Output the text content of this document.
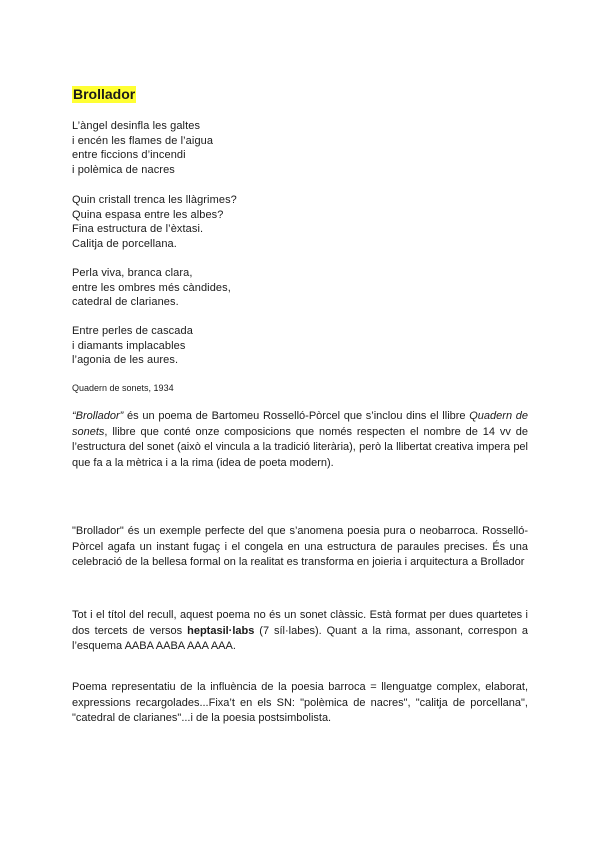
Brollador
L’àngel desinfla les galtes
i encén les flames de l’aigua
entre ficcions d’incendi
i polèmica de nacres
Quin cristall trenca les llàgrimes?
Quina espasa entre les albes?
Fina estructura de l’èxtasi.
Calitja de porcellana.
Perla viva, branca clara,
entre les ombres més càndides,
catedral de clarianes.
Entre perles de cascada
i diamants implacables
l’agonia de les aures.
Quadern de sonets, 1934

“Brollador” és un poema de Bartomeu Rosselló-Pòrcel que s’inclou dins el llibre Quadern de sonets, llibre que conté onze composicions que només respecten el nombre de 14 vv de l’estructura del sonet (això el vincula a la tradició literària), però la llibertat creativa impera pel que fa a la mètrica i a la rima (idea de poeta modern).

"Brollador" és un exemple perfecte del que s’anomena poesia pura o neobarroca. Rosselló-Pòrcel agafa un instant fugaç i el congela en una estructura de paraules precises. És una celebració de la bellesa formal on la realitat es transforma en joieria i arquitectura a Brollador

Tot i el títol del recull, aquest poema no és un sonet clàssic. Està format per dues quartetes i dos tercets de versos heptasil·labs (7 síl·labes). Quant a la rima, assonant, correspon a l’esquema AABA AABA AAA AAA.

Poema representatiu de la influència de la poesia barroca = llenguatge complex, elaborat, expressions recargolades...Fixa’t en els SN: "polèmica de nacres", "calitja de porcellana", "catedral de clarianes"...i de la poesia postsimbolista.
